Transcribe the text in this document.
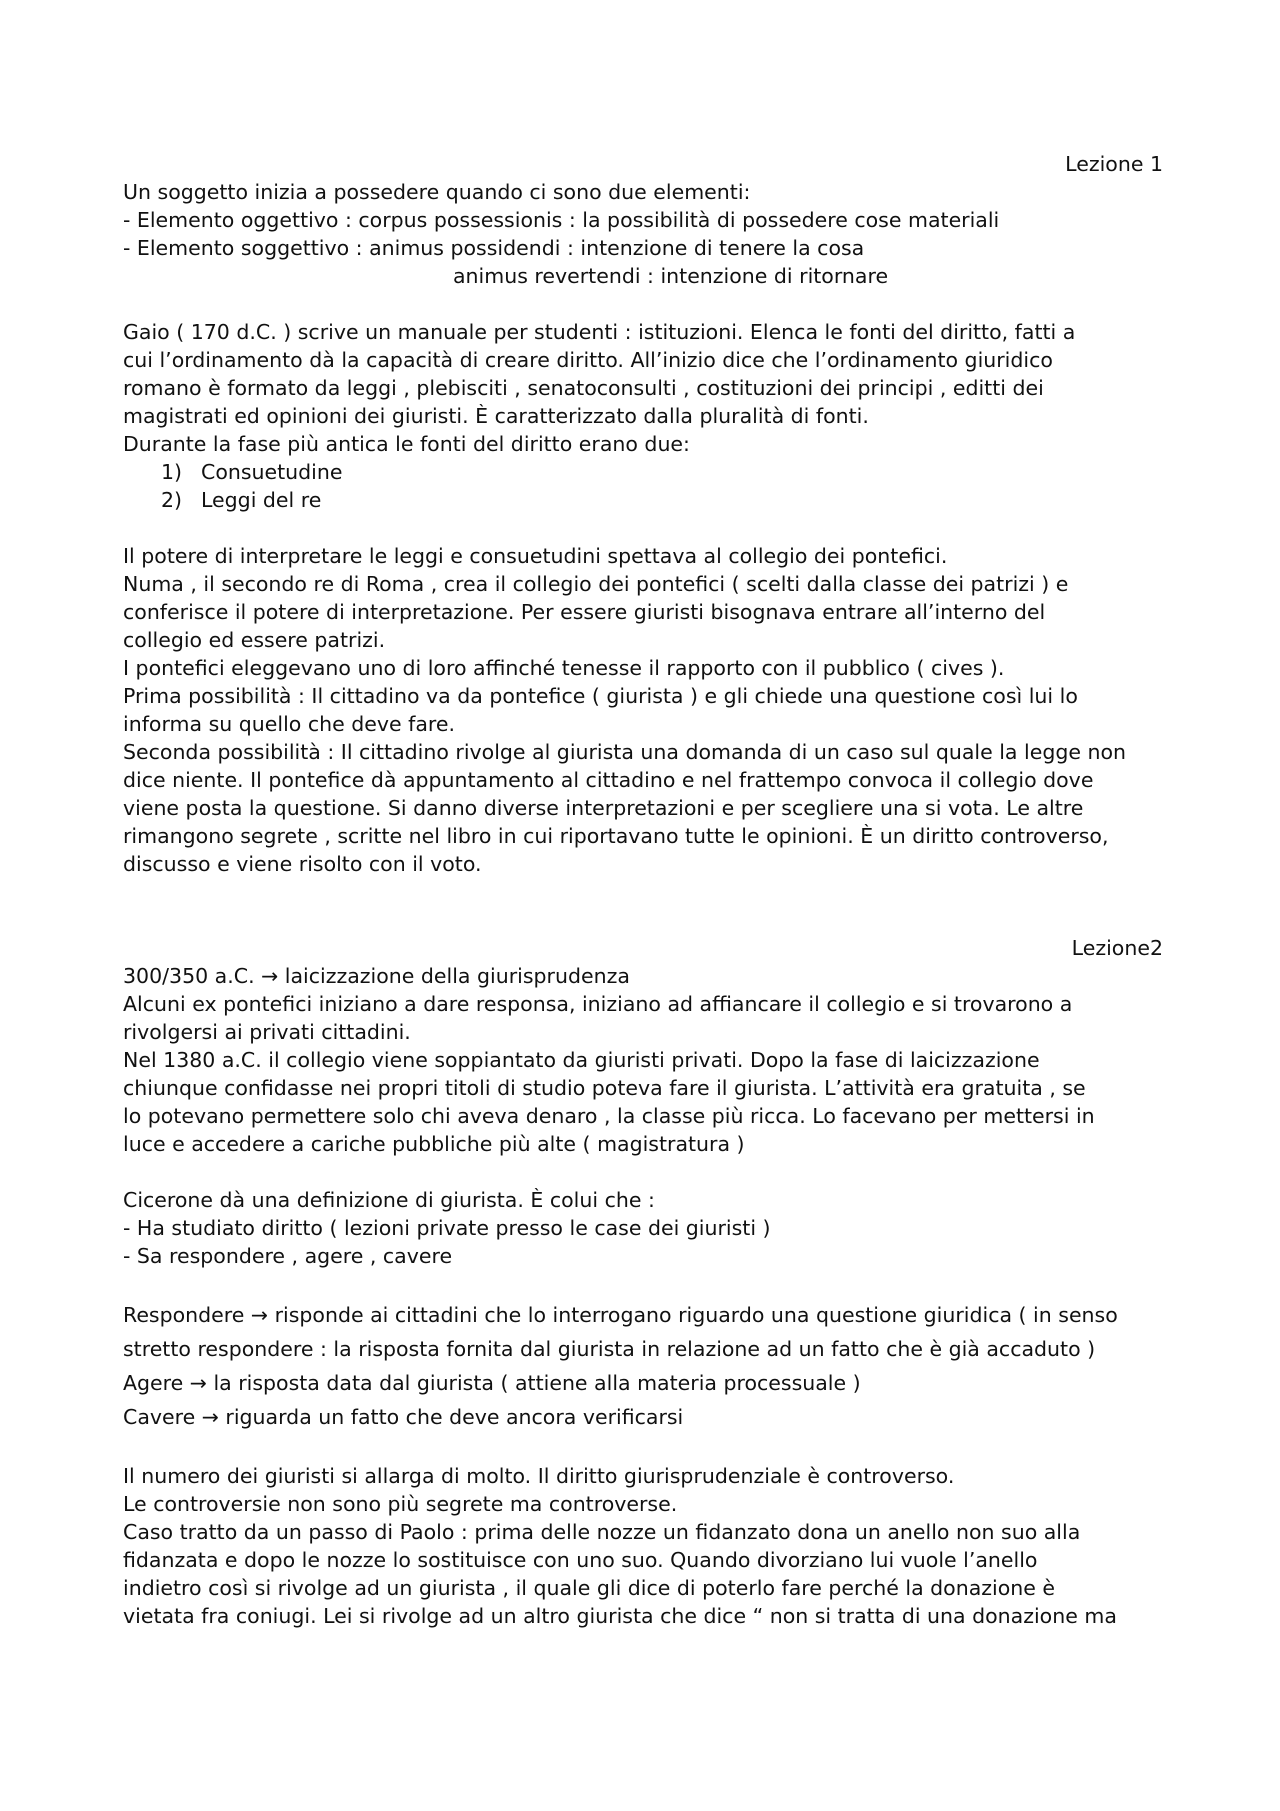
Lezione 1
Un soggetto inizia a possedere quando ci sono due elementi:
- Elemento oggettivo : corpus possessionis : la possibilità di possedere cose materiali
- Elemento soggettivo : animus possidendi : intenzione di tenere la cosa
animus revertendi : intenzione di ritornare
Gaio ( 170 d.C. ) scrive un manuale per studenti : istituzioni. Elenca le fonti del diritto, fatti a
cui l’ordinamento dà la capacità di creare diritto. All’inizio dice che l’ordinamento giuridico
romano è formato da leggi , plebisciti , senatoconsulti , costituzioni dei principi , editti dei
magistrati ed opinioni dei giuristi. È caratterizzato dalla pluralità di fonti.
Durante la fase più antica le fonti del diritto erano due:
1) Consuetudine
2) Leggi del re
Il potere di interpretare le leggi e consuetudini spettava al collegio dei pontefici.
Numa , il secondo re di Roma , crea il collegio dei pontefici ( scelti dalla classe dei patrizi ) e
conferisce il potere di interpretazione. Per essere giuristi bisognava entrare all’interno del
collegio ed essere patrizi.
I pontefici eleggevano uno di loro affinché tenesse il rapporto con il pubblico ( cives ).
Prima possibilità : Il cittadino va da pontefice ( giurista ) e gli chiede una questione così lui lo
informa su quello che deve fare.
Seconda possibilità : Il cittadino rivolge al giurista una domanda di un caso sul quale la legge non
dice niente. Il pontefice dà appuntamento al cittadino e nel frattempo convoca il collegio dove
viene posta la questione. Si danno diverse interpretazioni e per scegliere una si vota. Le altre
rimangono segrete , scritte nel libro in cui riportavano tutte le opinioni. È un diritto controverso,
discusso e viene risolto con il voto.
Lezione2
300/350 a.C. → laicizzazione della giurisprudenza
Alcuni ex pontefici iniziano a dare responsa, iniziano ad affiancare il collegio e si trovarono a
rivolgersi ai privati cittadini.
Nel 1380 a.C. il collegio viene soppiantato da giuristi privati. Dopo la fase di laicizzazione
chiunque confidasse nei propri titoli di studio poteva fare il giurista. L’attività era gratuita , se
lo potevano permettere solo chi aveva denaro , la classe più ricca. Lo facevano per mettersi in
luce e accedere a cariche pubbliche più alte ( magistratura )
Cicerone dà una definizione di giurista. È colui che :
- Ha studiato diritto ( lezioni private presso le case dei giuristi )
- Sa respondere , agere , cavere
Respondere → risponde ai cittadini che lo interrogano riguardo una questione giuridica ( in senso
stretto respondere : la risposta fornita dal giurista in relazione ad un fatto che è già accaduto )
Agere → la risposta data dal giurista ( attiene alla materia processuale )
Cavere → riguarda un fatto che deve ancora verificarsi
Il numero dei giuristi si allarga di molto. Il diritto giurisprudenziale è controverso.
Le controversie non sono più segrete ma controverse.
Caso tratto da un passo di Paolo : prima delle nozze un fidanzato dona un anello non suo alla
fidanzata e dopo le nozze lo sostituisce con uno suo. Quando divorziano lui vuole l’anello
indietro così si rivolge ad un giurista , il quale gli dice di poterlo fare perché la donazione è
vietata fra coniugi. Lei si rivolge ad un altro giurista che dice “ non si tratta di una donazione ma
